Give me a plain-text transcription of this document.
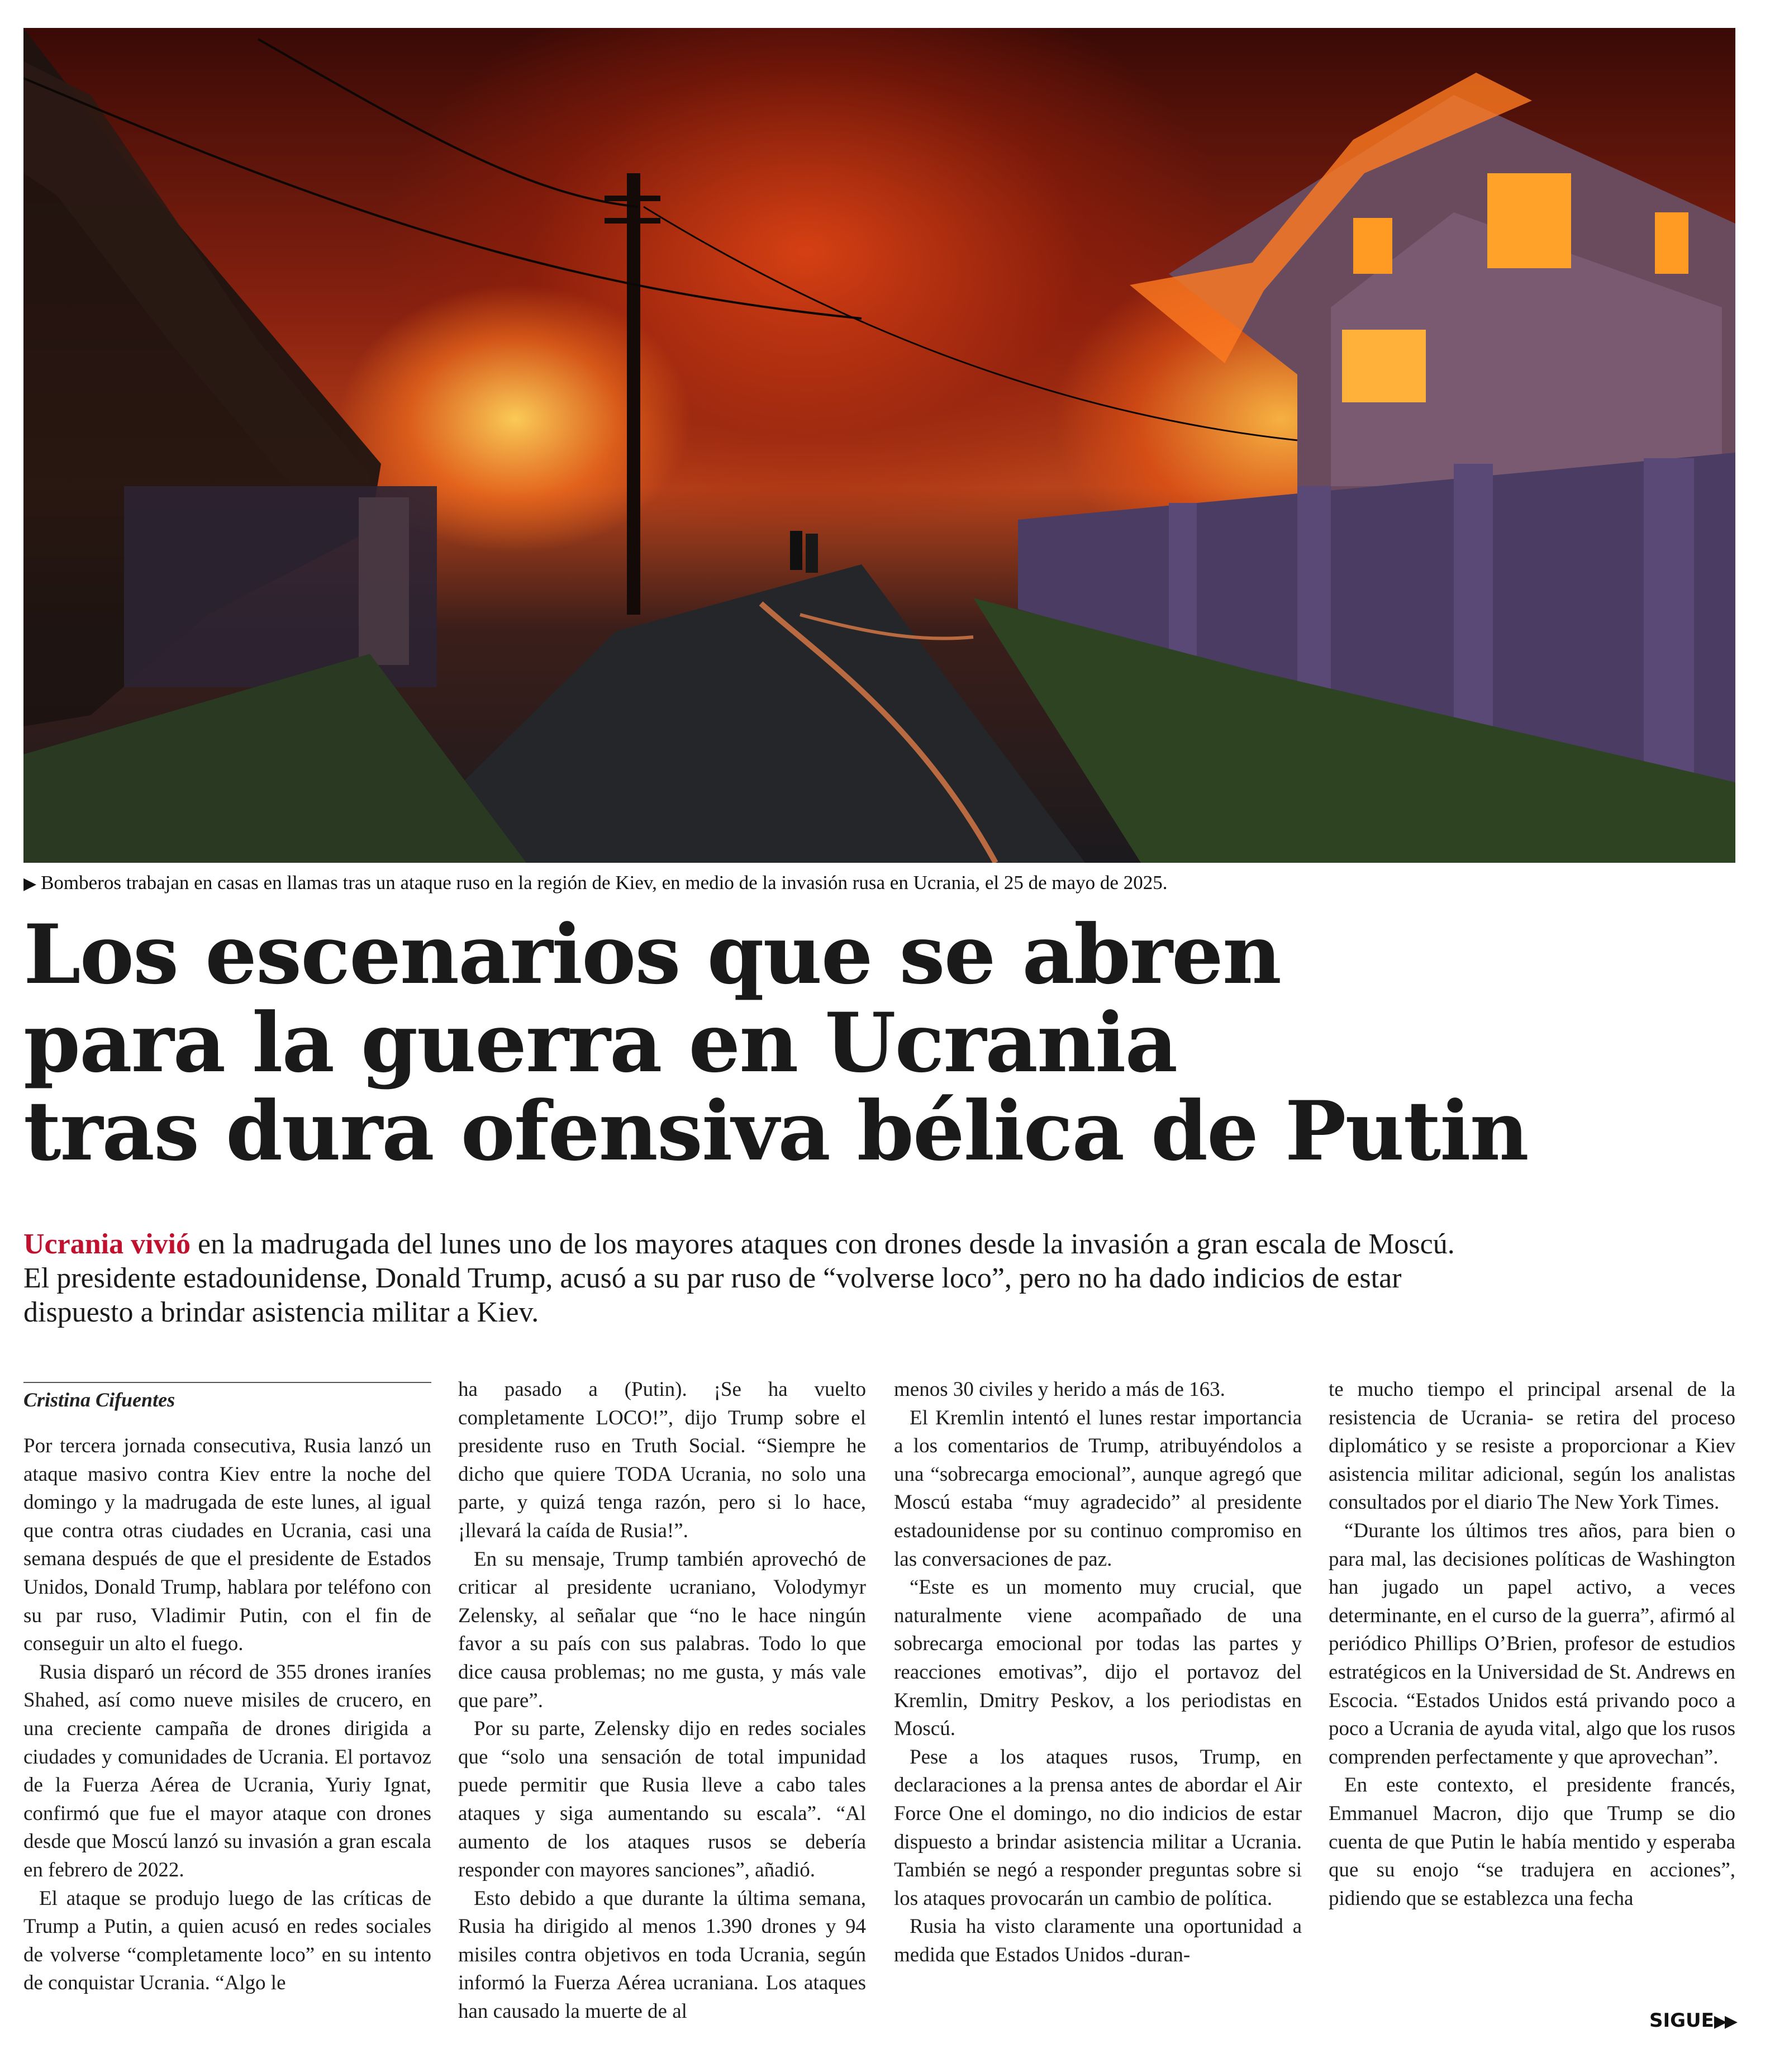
▶ Bomberos trabajan en casas en llamas tras un ataque ruso en la región de Kiev, en medio de la invasión rusa en Ucrania, el 25 de mayo de 2025.
Los escenarios que se abren
para la guerra en Ucrania
tras dura ofensiva bélica de Putin
Ucrania vivió en la madrugada del lunes uno de los mayores ataques con drones desde la invasión a gran escala de Moscú. El presidente estadounidense, Donald Trump, acusó a su par ruso de “volverse loco”, pero no ha dado indicios de estar dispuesto a brindar asistencia militar a Kiev.
Cristina Cifuentes

Por tercera jornada consecutiva, Rusia lanzó un ataque masivo contra Kiev entre la noche del domingo y la madrugada de este lunes, al igual que contra otras ciudades en Ucrania, casi una semana después de que el presidente de Estados Unidos, Donald Trump, hablara por teléfono con su par ruso, Vladimir Putin, con el fin de conseguir un alto el fuego.

Rusia disparó un récord de 355 drones iraníes Shahed, así como nueve misiles de crucero, en una creciente campaña de drones dirigida a ciudades y comunidades de Ucrania. El portavoz de la Fuerza Aérea de Ucrania, Yuriy Ignat, confirmó que fue el mayor ataque con drones desde que Moscú lanzó su invasión a gran escala en febrero de 2022.

El ataque se produjo luego de las críticas de Trump a Putin, a quien acusó en redes sociales de volverse “completamente loco” en su intento de conquistar Ucrania. “Algo le

ha pasado a (Putin). ¡Se ha vuelto completamente LOCO!”, dijo Trump sobre el presidente ruso en Truth Social. “Siempre he dicho que quiere TODA Ucrania, no solo una parte, y quizá tenga razón, pero si lo hace, ¡llevará la caída de Rusia!”.

En su mensaje, Trump también aprovechó de criticar al presidente ucraniano, Volodymyr Zelensky, al señalar que “no le hace ningún favor a su país con sus palabras. Todo lo que dice causa problemas; no me gusta, y más vale que pare”.

Por su parte, Zelensky dijo en redes sociales que “solo una sensación de total impunidad puede permitir que Rusia lleve a cabo tales ataques y siga aumentando su escala”. “Al aumento de los ataques rusos se debería responder con mayores sanciones”, añadió.

Esto debido a que durante la última semana, Rusia ha dirigido al menos 1.390 drones y 94 misiles contra objetivos en toda Ucrania, según informó la Fuerza Aérea ucraniana. Los ataques han causado la muerte de al

menos 30 civiles y herido a más de 163.

El Kremlin intentó el lunes restar importancia a los comentarios de Trump, atribuyéndolos a una “sobrecarga emocional”, aunque agregó que Moscú estaba “muy agradecido” al presidente estadounidense por su continuo compromiso en las conversaciones de paz.

“Este es un momento muy crucial, que naturalmente viene acompañado de una sobrecarga emocional por todas las partes y reacciones emotivas”, dijo el portavoz del Kremlin, Dmitry Peskov, a los periodistas en Moscú.

Pese a los ataques rusos, Trump, en declaraciones a la prensa antes de abordar el Air Force One el domingo, no dio indicios de estar dispuesto a brindar asistencia militar a Ucrania. También se negó a responder preguntas sobre si los ataques provocarán un cambio de política.

Rusia ha visto claramente una oportunidad a medida que Estados Unidos -duran-

te mucho tiempo el principal arsenal de la resistencia de Ucrania- se retira del proceso diplomático y se resiste a proporcionar a Kiev asistencia militar adicional, según los analistas consultados por el diario The New York Times.

“Durante los últimos tres años, para bien o para mal, las decisiones políticas de Washington han jugado un papel activo, a veces determinante, en el curso de la guerra”, afirmó al periódico Phillips O’Brien, profesor de estudios estratégicos en la Universidad de St. Andrews en Escocia. “Estados Unidos está privando poco a poco a Ucrania de ayuda vital, algo que los rusos comprenden perfectamente y que aprovechan”.

En este contexto, el presidente francés, Emmanuel Macron, dijo que Trump se dio cuenta de que Putin le había mentido y esperaba que su enojo “se tradujera en acciones”, pidiendo que se establezca una fecha

SIGUE▶▶
